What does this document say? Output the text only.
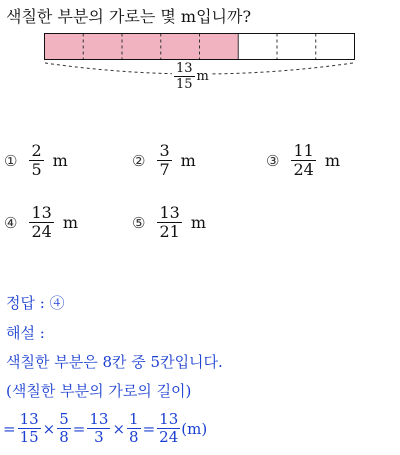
색칠한 부분의 가로는 몇 m입니까?
$\frac{13}{15}$ m
① $\frac{2}{5}$ m	② $\frac{3}{7}$ m	③ $\frac{11}{24}$ m
④ $\frac{13}{24}$ m	⑤ $\frac{13}{21}$ m
정답 : ④
해설 :
색칠한 부분은 8칸 중 5칸입니다.
(색칠한 부분의 가로의 길이)
= $\frac{13}{15} \times \frac{5}{8} = \frac{13}{3} \times \frac{1}{8} = \frac{13}{24} (m)$
